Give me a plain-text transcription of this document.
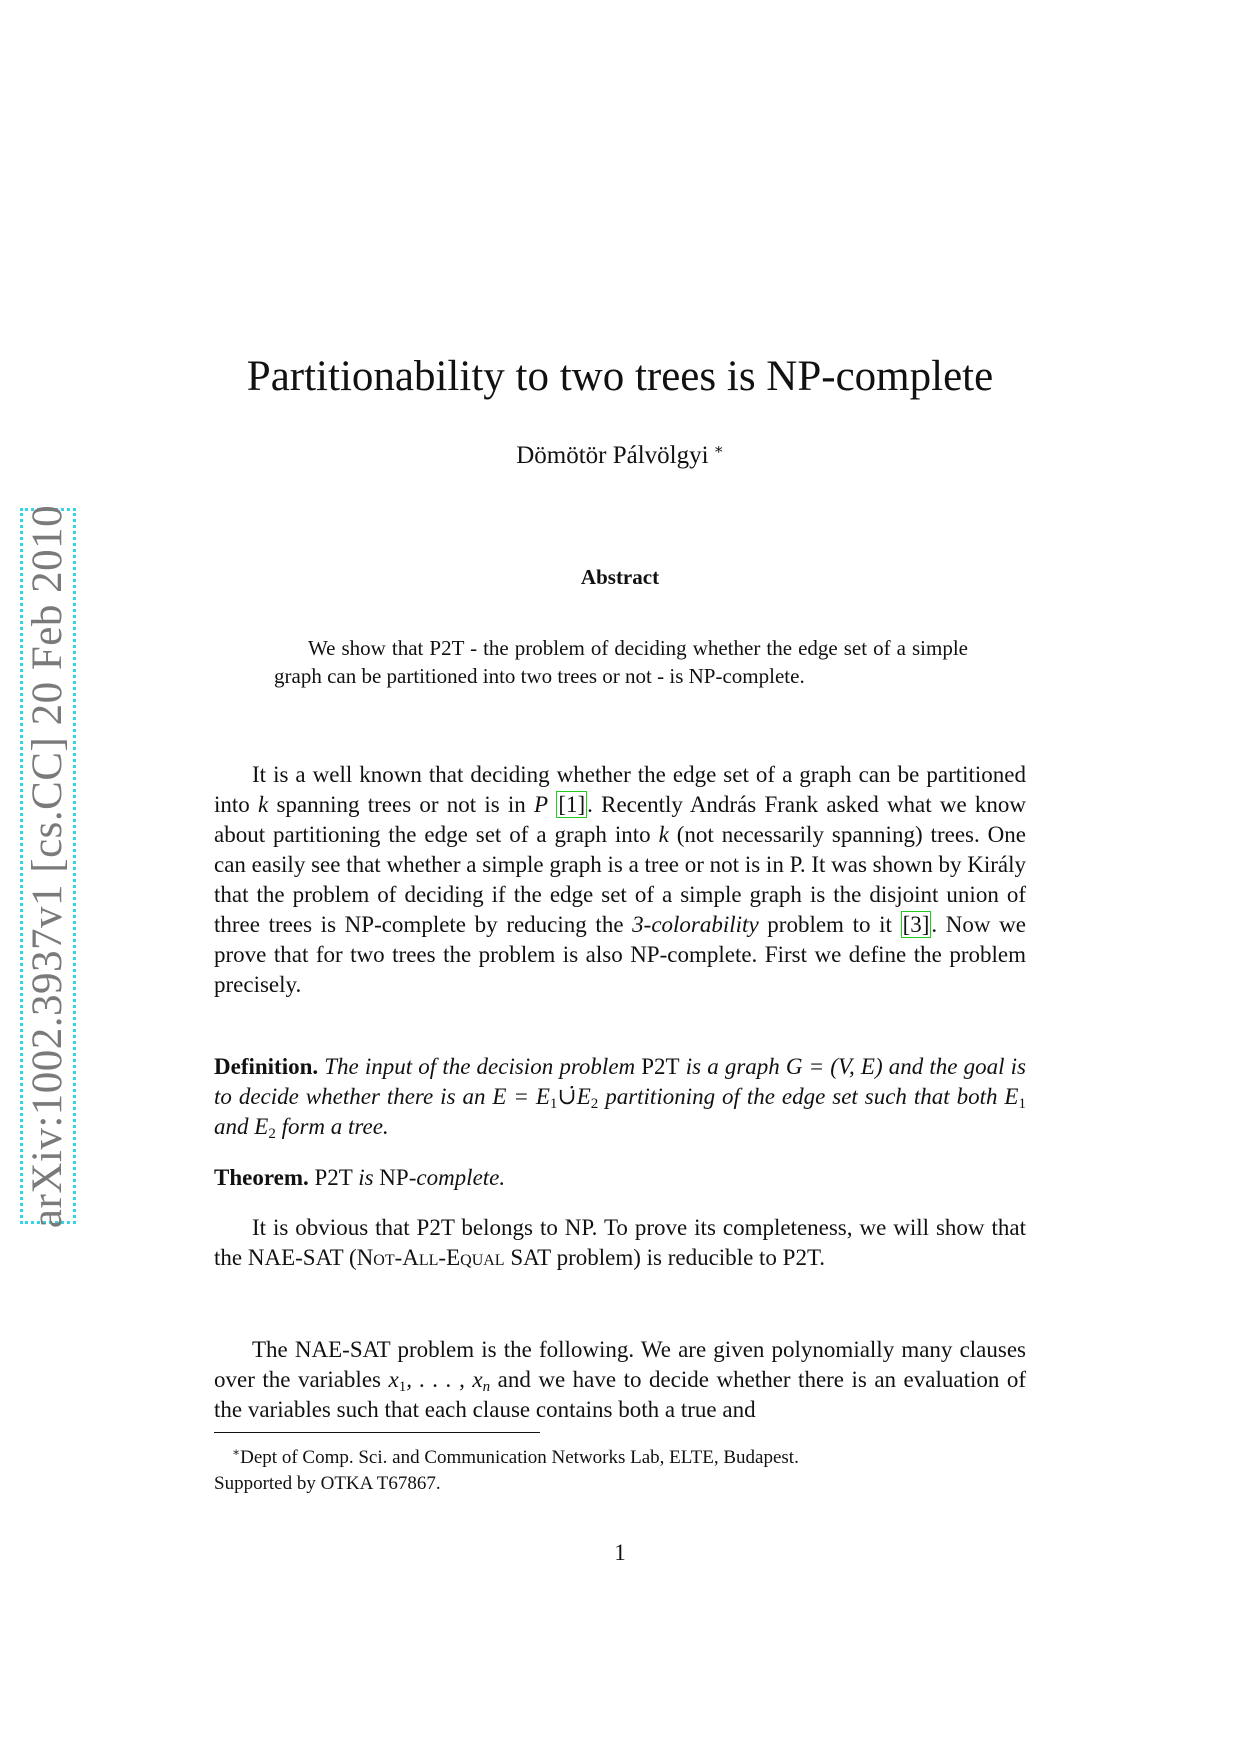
arXiv:1002.3937v1 [cs.CC] 20 Feb 2010
Partitionability to two trees is NP-complete
Dömötör Pálvölgyi ∗
Abstract

We show that P2T - the problem of deciding whether the edge set of a simple graph can be partitioned into two trees or not - is NP-complete.

It is a well known that deciding whether the edge set of a graph can be partitioned into k spanning trees or not is in P [1]. Recently András Frank asked what we know about partitioning the edge set of a graph into k (not necessarily spanning) trees. One can easily see that whether a simple graph is a tree or not is in P. It was shown by Király that the problem of deciding if the edge set of a simple graph is the disjoint union of three trees is NP-complete by reducing the 3-colorability problem to it [3]. Now we prove that for two trees the problem is also NP-complete. First we define the problem precisely.

Definition. The input of the decision problem P2T is a graph G = (V, E) and the goal is to decide whether there is an $E = E_1\cuṗE_2$ partitioning of the edge set such that both $E_1$ and $E_2$ form a tree.

Theorem. P2T is NP-complete.

It is obvious that P2T belongs to NP. To prove its completeness, we will show that the NAE-SAT (Not-All-Equal SAT problem) is reducible to P2T.

The NAE-SAT problem is the following. We are given polynomially many clauses over the variables $x_1$, . . . , $x_n$ and we have to decide whether there is an evaluation of the variables such that each clause contains both a true and

∗Dept of Comp. Sci. and Communication Networks Lab, ELTE, Budapest.
Supported by OTKA T67867.
1
